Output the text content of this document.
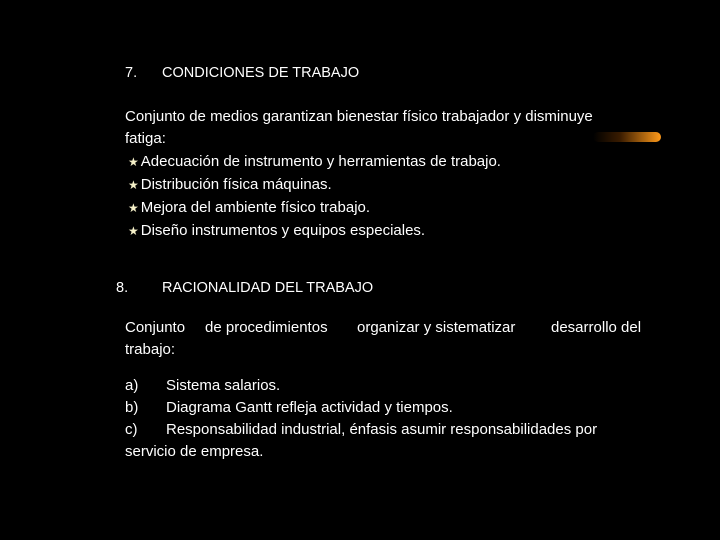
7. CONDICIONES DE TRABAJO
Conjunto de medios garantizan bienestar físico trabajador y disminuye
fatiga:
★ Adecuación de instrumento y herramientas de trabajo.
★ Distribución física máquinas.
★ Mejora del ambiente físico trabajo.
★ Diseño instrumentos y equipos especiales.
8. RACIONALIDAD DEL TRABAJO
Conjunto de procedimientos organizar y sistematizar desarrollo del
trabajo:
a) Sistema salarios.
b) Diagrama Gantt refleja actividad y tiempos.
c) Responsabilidad industrial, énfasis asumir responsabilidades por
servicio de empresa.
